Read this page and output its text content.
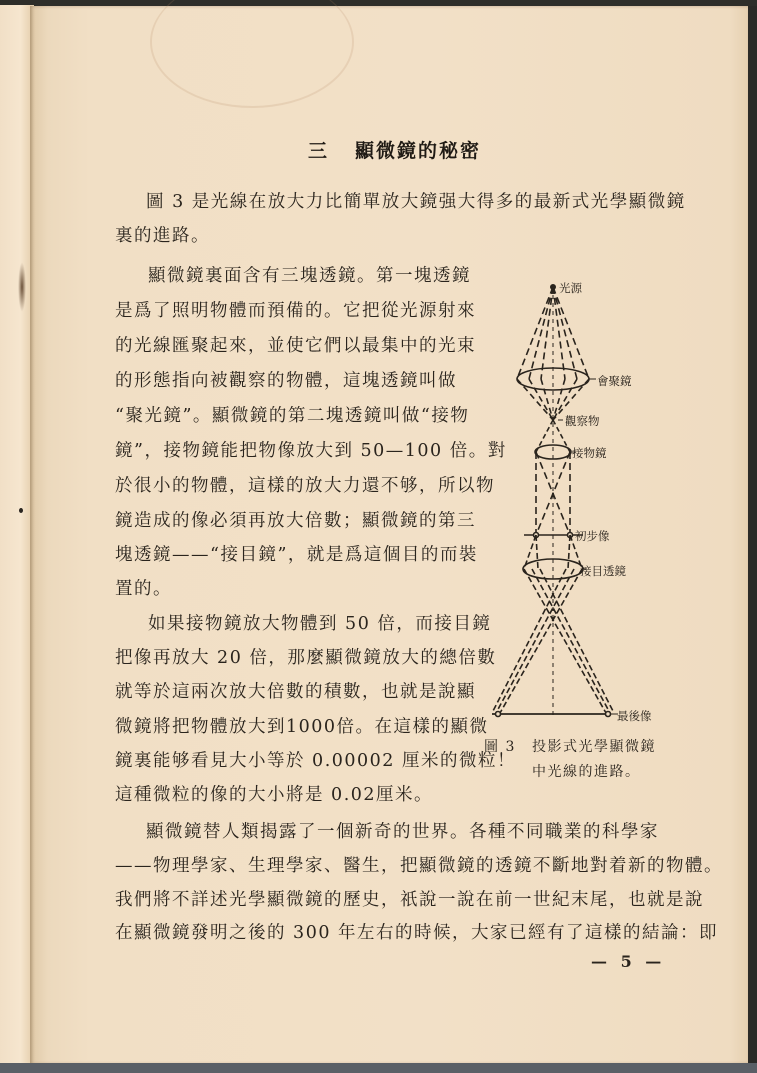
三 顯微鏡的秘密
圖 3 是光線在放大力比簡單放大鏡强大得多的最新式光學顯微鏡
裏的進路。
顯微鏡裏面含有三塊透鏡。第一塊透鏡
是爲了照明物體而預備的。它把從光源射來
的光線匯聚起來，並使它們以最集中的光束
的形態指向被觀察的物體，這塊透鏡叫做
“聚光鏡”。顯微鏡的第二塊透鏡叫做“接物
鏡”，接物鏡能把物像放大到 50—100 倍。對
於很小的物體，這樣的放大力還不够，所以物
鏡造成的像必須再放大倍數；顯微鏡的第三
塊透鏡——“接目鏡”，就是爲這個目的而裝
置的。
如果接物鏡放大物體到 50 倍，而接目鏡
把像再放大 20 倍，那麼顯微鏡放大的總倍數
就等於這兩次放大倍數的積數，也就是說顯
微鏡將把物體放大到1000倍。在這樣的顯微
鏡裏能够看見大小等於 0.00002 厘米的微粒！
這種微粒的像的大小將是 0.02厘米。
顯微鏡替人類揭露了一個新奇的世界。各種不同職業的科學家
——物理學家、生理學家、醫生，把顯微鏡的透鏡不斷地對着新的物體。
我們將不詳述光學顯微鏡的歷史，祇說一說在前一世紀末尾，也就是說
在顯微鏡發明之後的 300 年左右的時候，大家已經有了這樣的結論：即
光源
會聚鏡
觀察物
接物鏡
初步像
接目透鏡
最後像
圖 3 投影式光學顯微鏡
中光線的進路。
— 5 —
